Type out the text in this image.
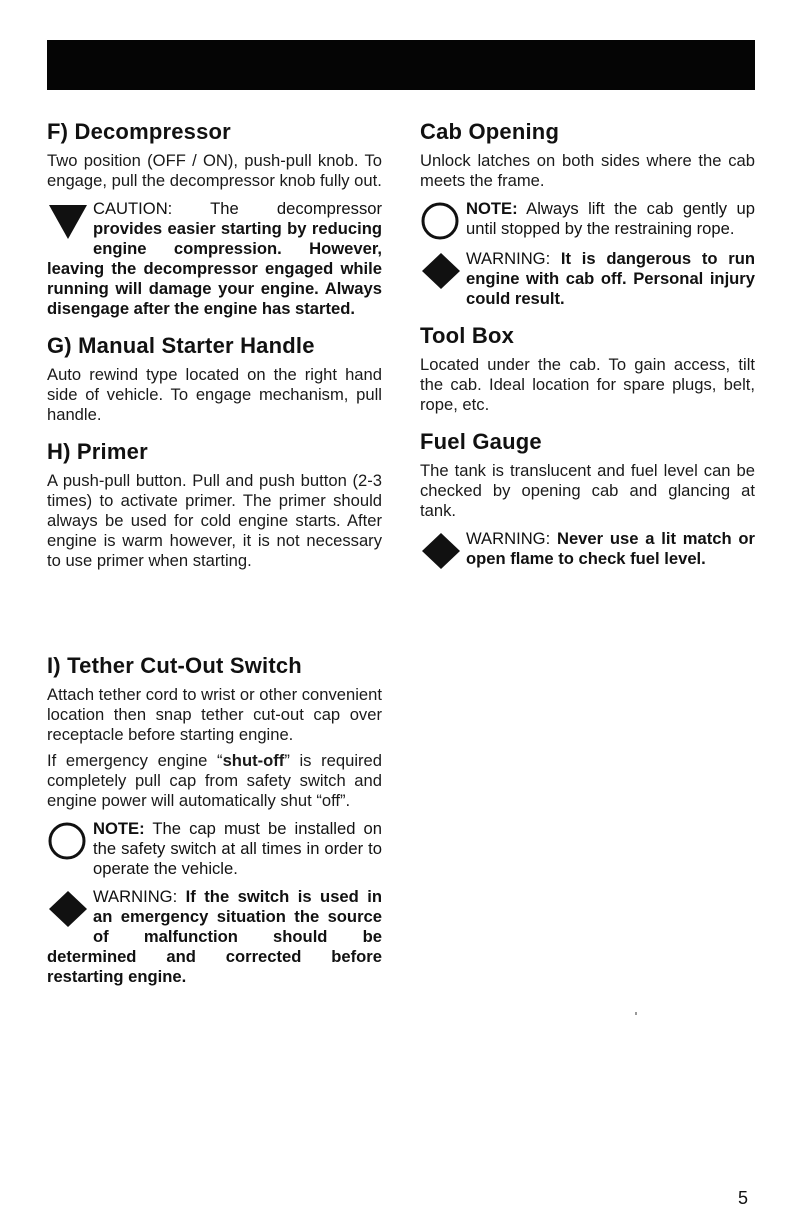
F) Decompressor

Two position (OFF / ON), push-pull knob. To engage, pull the decompressor knob fully out.

CAUTION: The decompressor provides easier starting by reducing engine compression. However, leaving the decompressor engaged while running will damage your engine. Always disengage after the engine has started.
G) Manual Starter Handle

Auto rewind type located on the right hand side of vehicle. To engage mechanism, pull handle.

H) Primer

A push-pull button. Pull and push button (2-3 times) to activate primer. The primer should always be used for cold engine starts. After engine is warm however, it is not necessary to use primer when starting.

I) Tether Cut-Out Switch

Attach tether cord to wrist or other convenient location then snap tether cut-out cap over receptacle before starting engine.

If emergency engine “shut-off” is required completely pull cap from safety switch and engine power will automatically shut “off”.

NOTE: The cap must be installed on the safety switch at all times in order to operate the vehicle.
WARNING: If the switch is used in an emergency situation the source of malfunction should be determined and corrected before restarting engine.
Cab Opening

Unlock latches on both sides where the cab meets the frame.

NOTE: Always lift the cab gently up until stopped by the restraining rope.
WARNING: It is dangerous to run engine with cab off. Personal injury could result.
Tool Box

Located under the cab. To gain access, tilt the cab. Ideal location for spare plugs, belt, rope, etc.

Fuel Gauge

The tank is translucent and fuel level can be checked by opening cab and glancing at tank.

WARNING: Never use a lit match or open flame to check fuel level.
5
